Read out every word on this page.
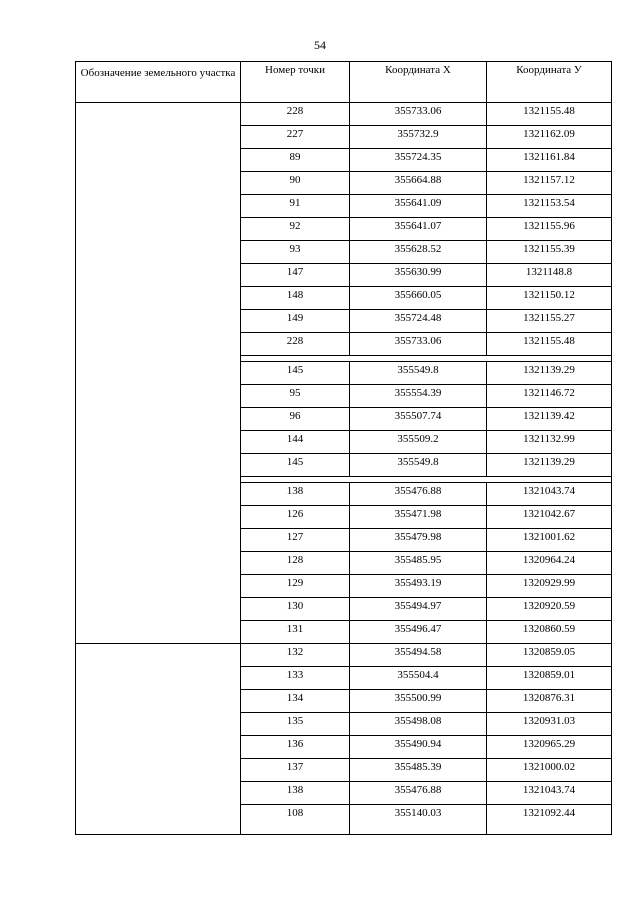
54
Обозначение земельного участка	Номер точки	Координата X	Координата У
	228	355733.06	1321155.48
	227	355732.9	1321162.09
	89	355724.35	1321161.84
	90	355664.88	1321157.12
	91	355641.09	1321153.54
	92	355641.07	1321155.96
	93	355628.52	1321155.39
	147	355630.99	1321148.8
	148	355660.05	1321150.12
	149	355724.48	1321155.27
	228	355733.06	1321155.48

	145	355549.8	1321139.29
	95	355554.39	1321146.72
	96	355507.74	1321139.42
	144	355509.2	1321132.99
	145	355549.8	1321139.29

	138	355476.88	1321043.74
	126	355471.98	1321042.67
	127	355479.98	1321001.62
	128	355485.95	1320964.24
	129	355493.19	1320929.99
	130	355494.97	1320920.59
	131	355496.47	1320860.59
	132	355494.58	1320859.05
	133	355504.4	1320859.01
	134	355500.99	1320876.31
	135	355498.08	1320931.03
	136	355490.94	1320965.29
	137	355485.39	1321000.02
	138	355476.88	1321043.74
	108	355140.03	1321092.44
